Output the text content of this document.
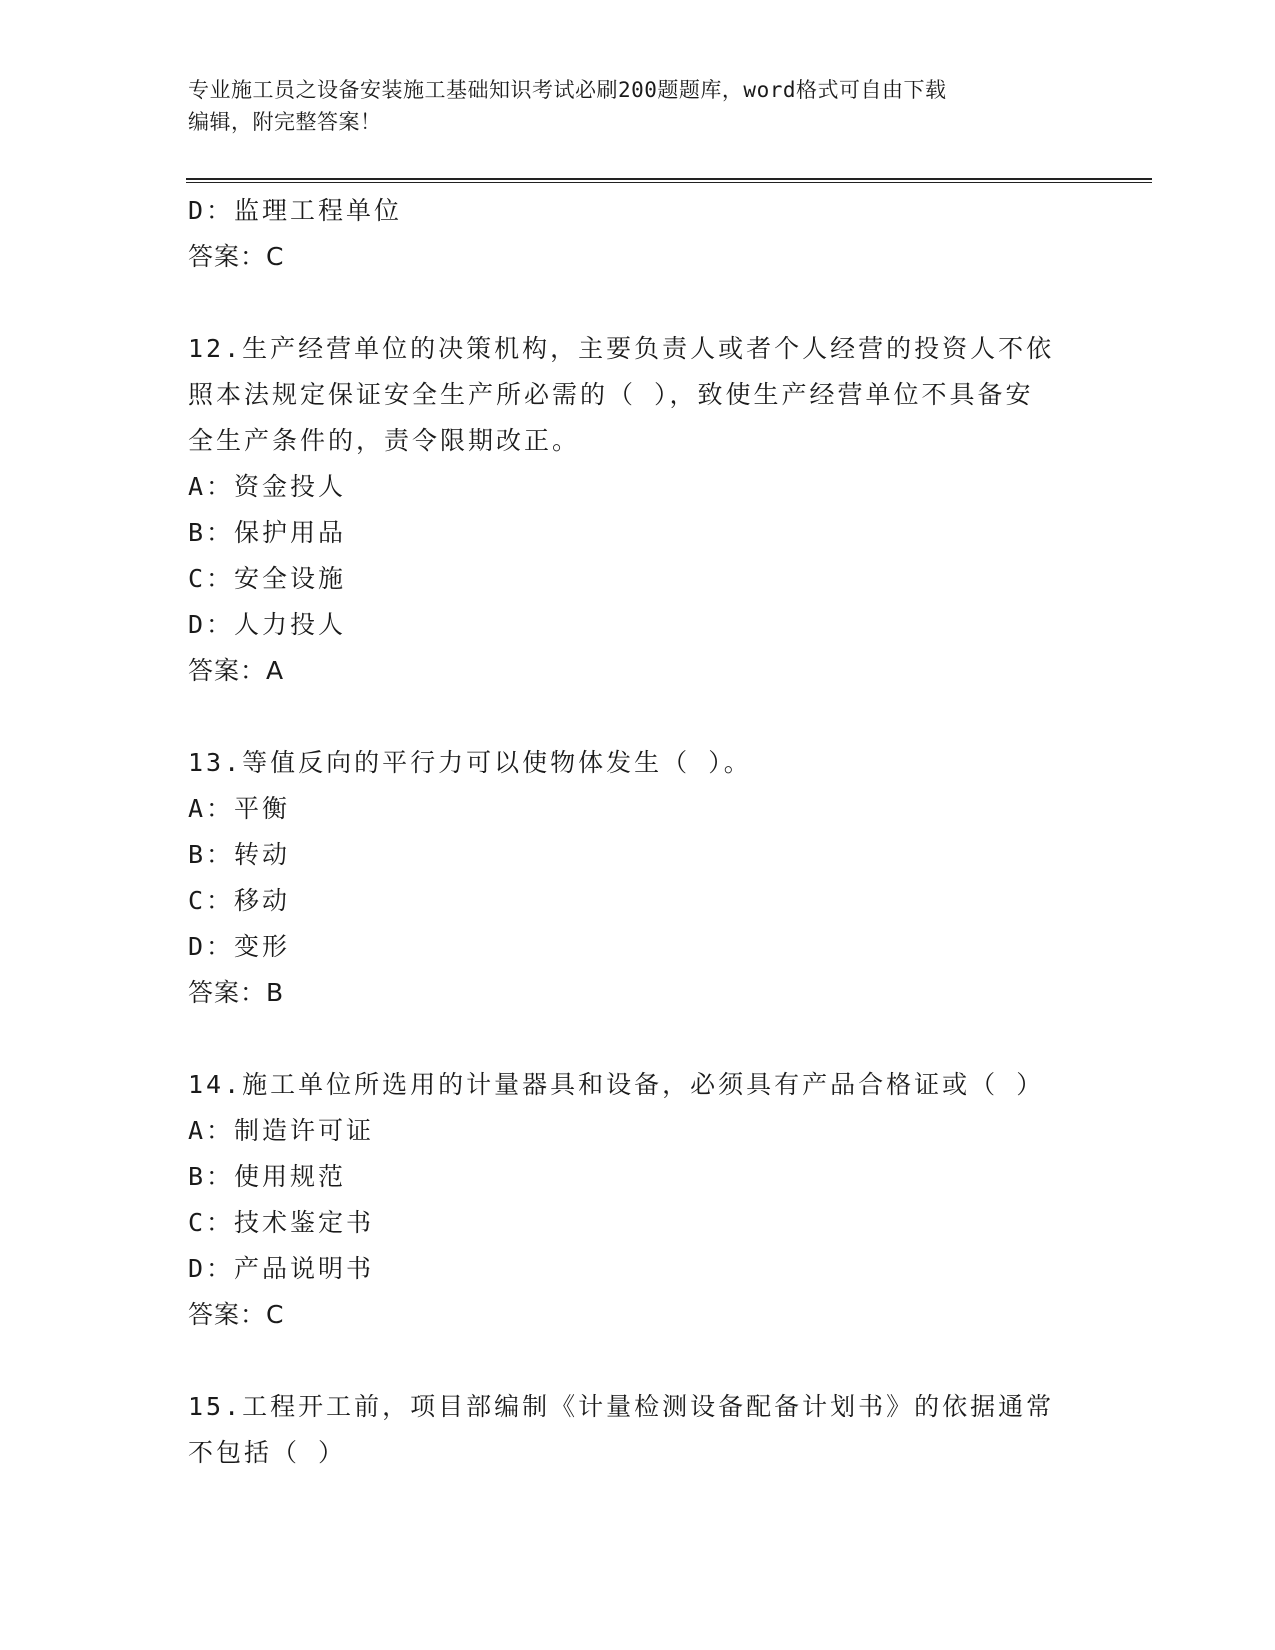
专业施工员之设备安装施工基础知识考试必刷200题题库，word格式可自由下载
编辑，附完整答案！
D：监理工程单位
答案：C
12.生产经营单位的决策机构，主要负责人或者个人经营的投资人不依
照本法规定保证安全生产所必需的（ ），致使生产经营单位不具备安
全生产条件的，责令限期改正。
A：资金投人
B：保护用品
C：安全设施
D：人力投人
答案：A
13.等值反向的平行力可以使物体发生（ ）。
A：平衡
B：转动
C：移动
D：变形
答案：B
14.施工单位所选用的计量器具和设备，必须具有产品合格证或（ ）
A：制造许可证
B：使用规范
C：技术鉴定书
D：产品说明书
答案：C
15.工程开工前，项目部编制《计量检测设备配备计划书》的依据通常
不包括（ ）
